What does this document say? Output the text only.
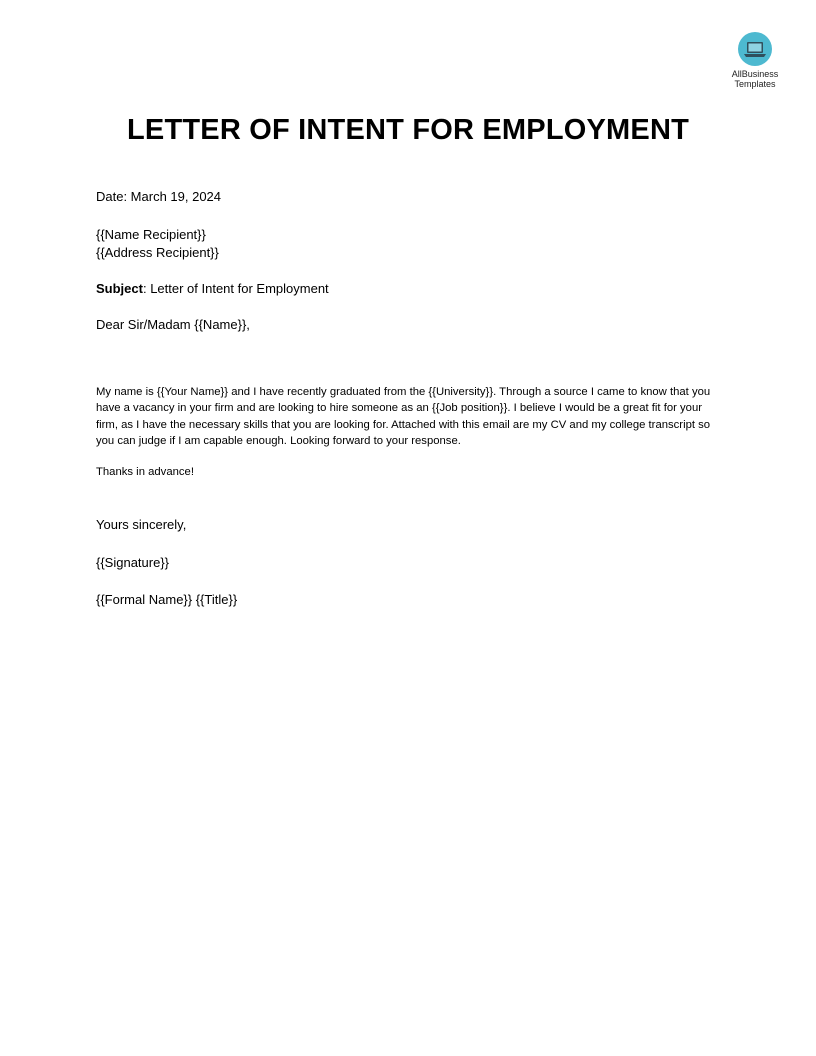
AllBusiness
Templates
LETTER OF INTENT FOR EMPLOYMENT
Date: March 19, 2024
{{Name Recipient}}
{{Address Recipient}}
Subject: Letter of Intent for Employment
Dear Sir/Madam {{Name}},
My name is {{Your Name}} and I have recently graduated from the {{University}}. Through a source I came to know that you have a vacancy in your firm and are looking to hire someone as an {{Job position}}. I believe I would be a great fit for your firm, as I have the necessary skills that you are looking for. Attached with this email are my CV and my college transcript so you can judge if I am capable enough. Looking forward to your response.
Thanks in advance!
Yours sincerely,
{{Signature}}
{{Formal Name}} {{Title}}
